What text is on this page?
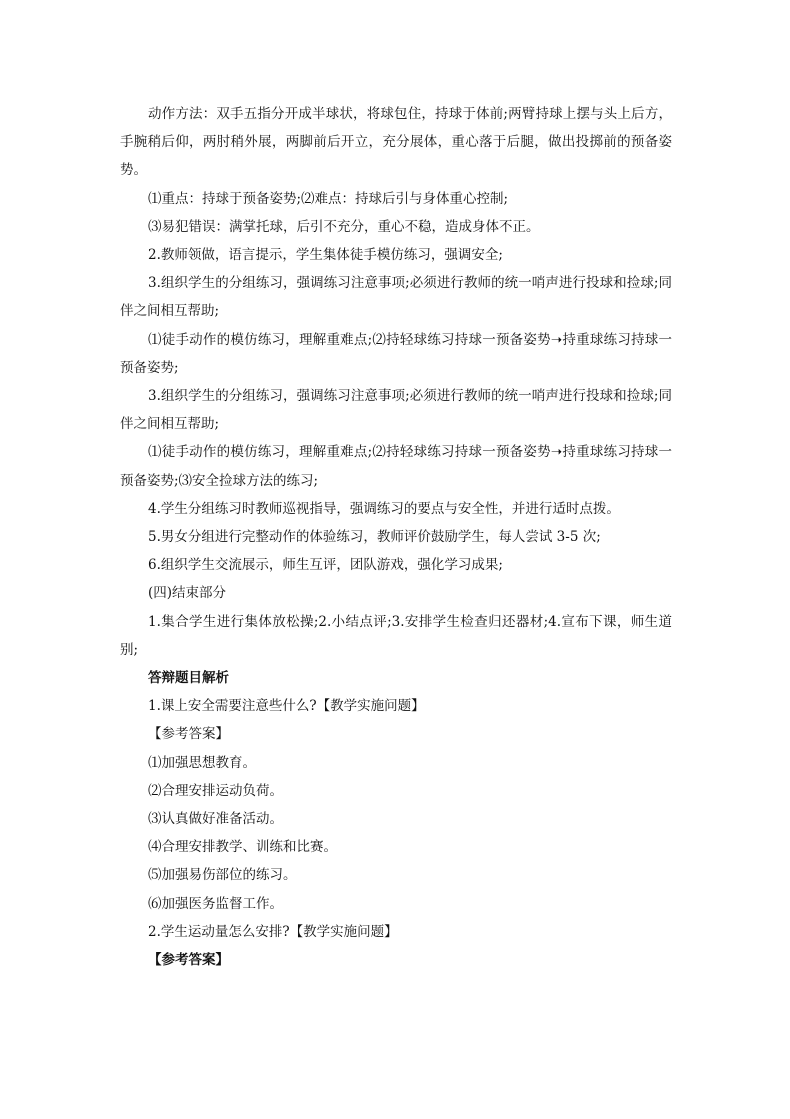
动作方法：双手五指分开成半球状，将球包住，持球于体前;两臂持球上摆与头上后方，手腕稍后仰，两肘稍外展，两脚前后开立，充分展体，重心落于后腿，做出投掷前的预备姿势。

⑴重点：持球于预备姿势;⑵难点：持球后引与身体重心控制;

⑶易犯错误：满掌托球，后引不充分，重心不稳，造成身体不正。

2.教师领做，语言提示，学生集体徒手模仿练习，强调安全;

3.组织学生的分组练习，强调练习注意事项;必须进行教师的统一哨声进行投球和捡球;同伴之间相互帮助;

⑴徒手动作的模仿练习，理解重难点;⑵持轻球练习持球一预备姿势➝持重球练习持球一预备姿势;

3.组织学生的分组练习，强调练习注意事项;必须进行教师的统一哨声进行投球和捡球;同伴之间相互帮助;

⑴徒手动作的模仿练习，理解重难点;⑵持轻球练习持球一预备姿势➝持重球练习持球一预备姿势;⑶安全捡球方法的练习;

4.学生分组练习时教师巡视指导，强调练习的要点与安全性，并进行适时点拨。

5.男女分组进行完整动作的体验练习，教师评价鼓励学生，每人尝试 3-5 次;

6.组织学生交流展示，师生互评，团队游戏，强化学习成果;

(四)结束部分

1.集合学生进行集体放松操;2.小结点评;3.安排学生检查归还器材;4.宣布下课，师生道别;

答辩题目解析

1.课上安全需要注意些什么?【教学实施问题】

【参考答案】

⑴加强思想教育。

⑵合理安排运动负荷。

⑶认真做好准备活动。

⑷合理安排教学、训练和比赛。

⑸加强易伤部位的练习。

⑹加强医务监督工作。

2.学生运动量怎么安排?【教学实施问题】

【参考答案】
